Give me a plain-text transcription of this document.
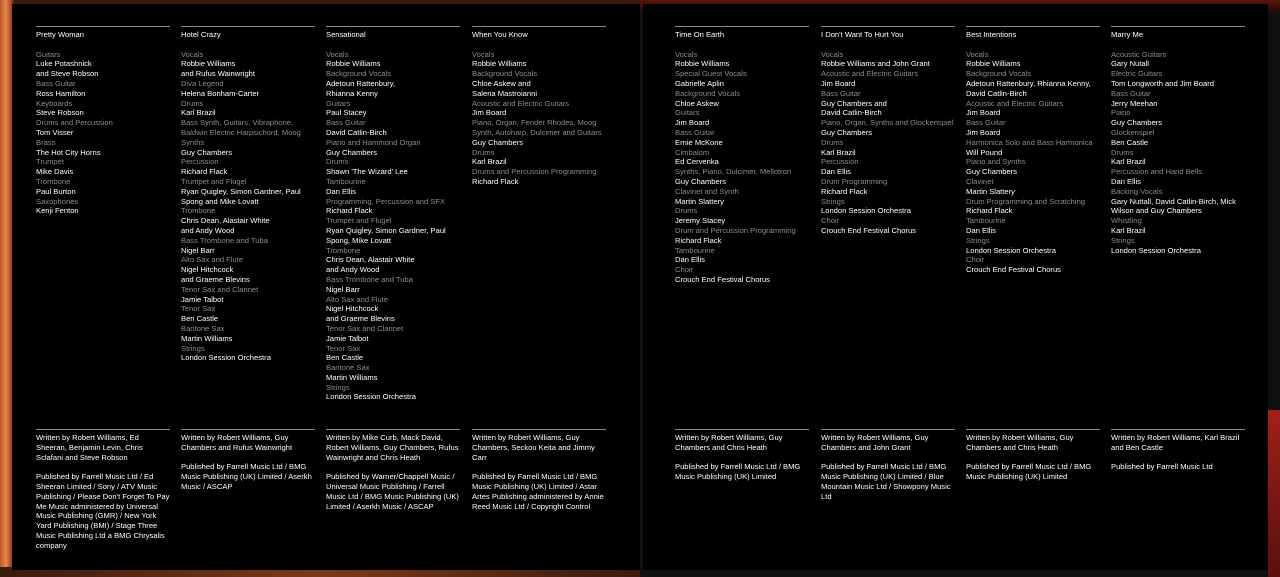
Pretty Woman
Guitars
Luke Potashnick
and Steve Robson
Bass Guitar
Ross Hamilton
Keyboards
Steve Robson
Drums and Percussion
Tom Visser
Brass
The Hot City Horns
Trumpet
Mike Davis
Trombone
Paul Burton
Saxophones
Kenji Fenton
Hotel Crazy
Vocals
Robbie Williams
and Rufus Wainwright
Diva Legend
Helena Bonham-Carter
Drums
Karl Brazil
Bass Synth, Guitars, Vibraphone, Baldwin Electric Harpsichord, Moog Synths
Guy Chambers
Percussion
Richard Flack
Trumpet and Flugel
Ryan Quigley, Simon Gardner, Paul Spong and Mike Lovatt
Trombone
Chris Dean, Alastair White
and Andy Wood
Bass Trombone and Tuba
Nigel Barr
Alto Sax and Flute
Nigel Hitchcock
and Graeme Blevins
Tenor Sax and Clarinet
Jamie Talbot
Tenor Sax
Ben Castle
Baritone Sax
Martin Williams
Strings
London Session Orchestra
Sensational
Vocals
Robbie Williams
Background Vocals
Adetoun Rattenbury,
Rhianna Kenny
Guitars
Paul Stacey
Bass Guitar
David Catlin-Birch
Piano and Hammond Organ
Guy Chambers
Drums
Shawn 'The Wizard' Lee
Tambourine
Dan Ellis
Programming, Percussion and SFX
Richard Flack
Trumpet and Flugel
Ryan Quigley, Simon Gardner, Paul Spong, Mike Lovatt
Trombone
Chris Dean, Alastair White
and Andy Wood
Bass Trombone and Tuba
Nigel Barr
Alto Sax and Flute
Nigel Hitchcock
and Graeme Blevins
Tenor Sax and Clarinet
Jamie Talbot
Tenor Sax
Ben Castle
Baritone Sax
Martin Williams
Strings
London Session Orchestra
When You Know
Vocals
Robbie Williams
Background Vocals
Chloe Askew and
Salena Mastroianni
Acoustic and Electric Guitars
Jim Board
Piano, Organ, Fender Rhodes, Moog Synth, Autoharp, Dulcimer and Guitars
Guy Chambers
Drums
Karl Brazil
Drums and Percussion Programming
Richard Flack
Written by Robert Williams, Ed Sheeran, Benjamin Levin, Chris Sclafani and Steve Robson
Published by Farrell Music Ltd / Ed Sheeran Limited / Sony / ATV Music Publishing / Please Don't Forget To Pay Me Music administered by Universal Music Publishing (GMR) / New York Yard Publishing (BMI) / Stage Three Music Publishing Ltd a BMG Chrysalis company
Written by Robert Williams, Guy Chambers and Rufus Wainwright
Published by Farrell Music Ltd / BMG Music Publishing (UK) Limited / Aserkh Music / ASCAP
Written by Mike Curb, Mack David, Robert Williams, Guy Chambers, Rufus Wainwright and Chris Heath
Published by Warner/Chappell Music / Universal Music Publishing / Farrell Music Ltd / BMG Music Publishing (UK) Limited / Aserkh Music / ASCAP
Written by Robert Williams, Guy Chambers, Seckou Keita and Jimmy Carr
Published by Farrell Music Ltd / BMG Music Publishing (UK) Limited / Astar Artes Publishing administered by Annie Reed Music Ltd / Copyright Control
Time On Earth
Vocals
Robbie Williams
Special Guest Vocals
Gabrielle Aplin
Background Vocals
Chloe Askew
Guitars
Jim Board
Bass Guitar
Ernie McKone
Cimbalom
Ed Cervenka
Synths, Piano, Dulcimer, Mellotron
Guy Chambers
Clavinet and Synth
Martin Slattery
Drums
Jeremy Stacey
Drum and Percussion Programming
Richard Flack
Tambourine
Dan Ellis
Choir
Crouch End Festival Chorus
I Don't Want To Hurt You
Vocals
Robbie Williams and John Grant
Acoustic and Electric Guitars
Jim Board
Bass Guitar
Guy Chambers and
David Catlin-Birch
Piano, Organ, Synths and Glockenspiel
Guy Chambers
Drums
Karl Brazil
Percussion
Dan Ellis
Drum Programming
Richard Flack
Strings
London Session Orchestra
Choir
Crouch End Festival Chorus
Best Intentions
Vocals
Robbie Williams
Background Vocals
Adetoun Rattenbury, Rhianna Kenny, David Catlin-Birch
Acoustic and Electric Guitars
Jim Board
Bass Guitar
Jim Board
Harmonica Solo and Bass Harmonica
Will Pound
Piano and Synths
Guy Chambers
Clavinet
Martin Slattery
Drum Programming and Scratching
Richard Flack
Tambourine
Dan Ellis
Strings
London Session Orchestra
Choir
Crouch End Festival Chorus
Marry Me
Acoustic Guitars
Gary Nutall
Electric Guitars
Tom Longworth and Jim Board
Bass Guitar
Jerry Meehan
Piano
Guy Chambers
Glockenspiel
Ben Castle
Drums
Karl Brazil
Percussion and Hand Bells
Dan Ellis
Backing Vocals
Gary Nuttall, David Catlin-Birch, Mick Wilson and Guy Chambers
Whistling
Karl Brazil
Strings
London Session Orchestra
Written by Robert Williams, Guy Chambers and Chris Heath
Published by Farrell Music Ltd / BMG Music Publishing (UK) Limited
Written by Robert Williams, Guy Chambers and John Grant
Published by Farrell Music Ltd / BMG Music Publishing (UK) Limited / Blue Mountain Music Ltd / Showpony Music Ltd
Written by Robert Williams, Guy Chambers and Chris Heath
Published by Farrell Music Ltd / BMG Music Publishing (UK) Limited
Written by Robert Williams, Karl Brazil and Ben Castle
Published by Farrell Music Ltd
